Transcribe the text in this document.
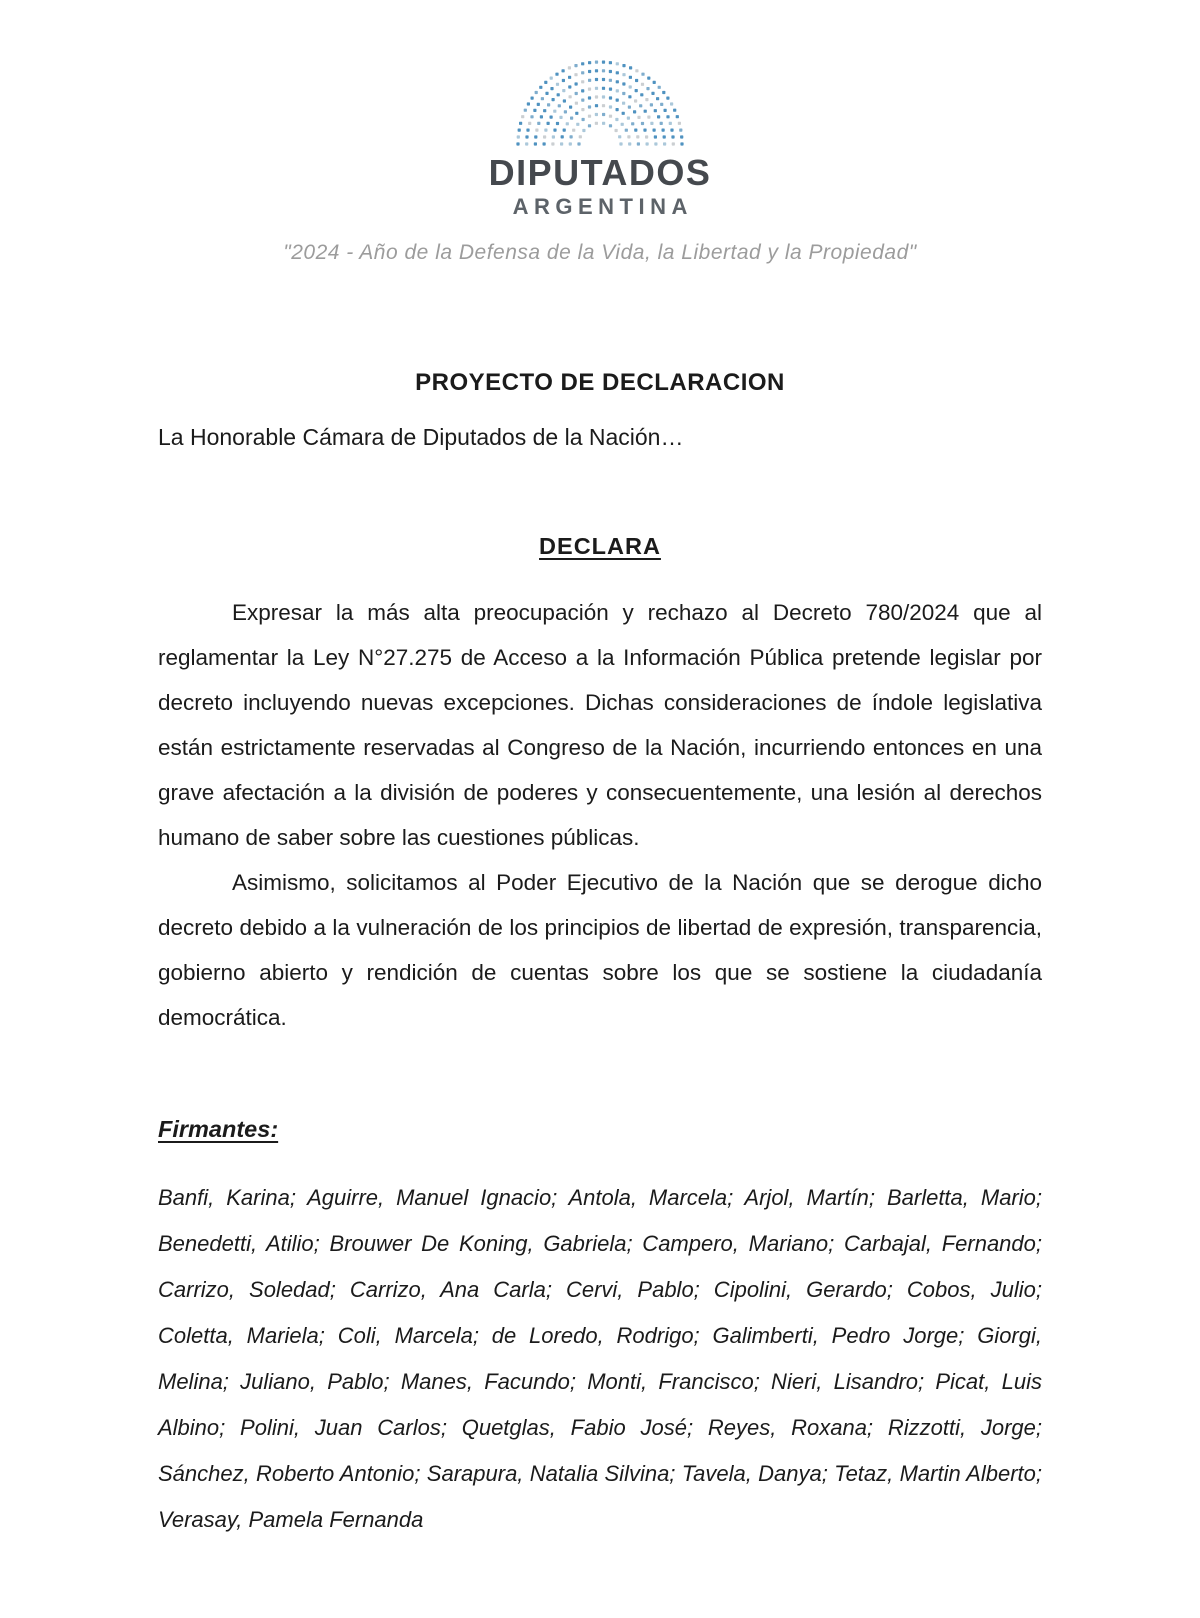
DIPUTADOS
ARGENTINA
"2024 - Año de la Defensa de la Vida, la Libertad y la Propiedad"
PROYECTO DE DECLARACION

La Honorable Cámara de Diputados de la Nación…

DECLARA

Expresar la más alta preocupación y rechazo al Decreto 780/2024 que al reglamentar la Ley N°27.275 de Acceso a la Información Pública pretende legislar por decreto incluyendo nuevas excepciones. Dichas consideraciones de índole legislativa están estrictamente reservadas al Congreso de la Nación, incurriendo entonces en una grave afectación a la división de poderes y consecuentemente, una lesión al derechos humano de saber sobre las cuestiones públicas.

Asimismo, solicitamos al Poder Ejecutivo de la Nación que se derogue dicho decreto debido a la vulneración de los principios de libertad de expresión, transparencia, gobierno abierto y rendición de cuentas sobre los que se sostiene la ciudadanía democrática.

Firmantes:

Banfi, Karina; Aguirre, Manuel Ignacio; Antola, Marcela; Arjol, Martín; Barletta, Mario; Benedetti, Atilio; Brouwer De Koning, Gabriela; Campero, Mariano; Carbajal, Fernando; Carrizo, Soledad; Carrizo, Ana Carla; Cervi, Pablo; Cipolini, Gerardo; Cobos, Julio; Coletta, Mariela; Coli, Marcela; de Loredo, Rodrigo; Galimberti, Pedro Jorge; Giorgi, Melina; Juliano, Pablo; Manes, Facundo; Monti, Francisco; Nieri, Lisandro; Picat, Luis Albino; Polini, Juan Carlos; Quetglas, Fabio José; Reyes, Roxana; Rizzotti, Jorge; Sánchez, Roberto Antonio; Sarapura, Natalia Silvina; Tavela, Danya; Tetaz, Martin Alberto; Verasay, Pamela Fernanda
